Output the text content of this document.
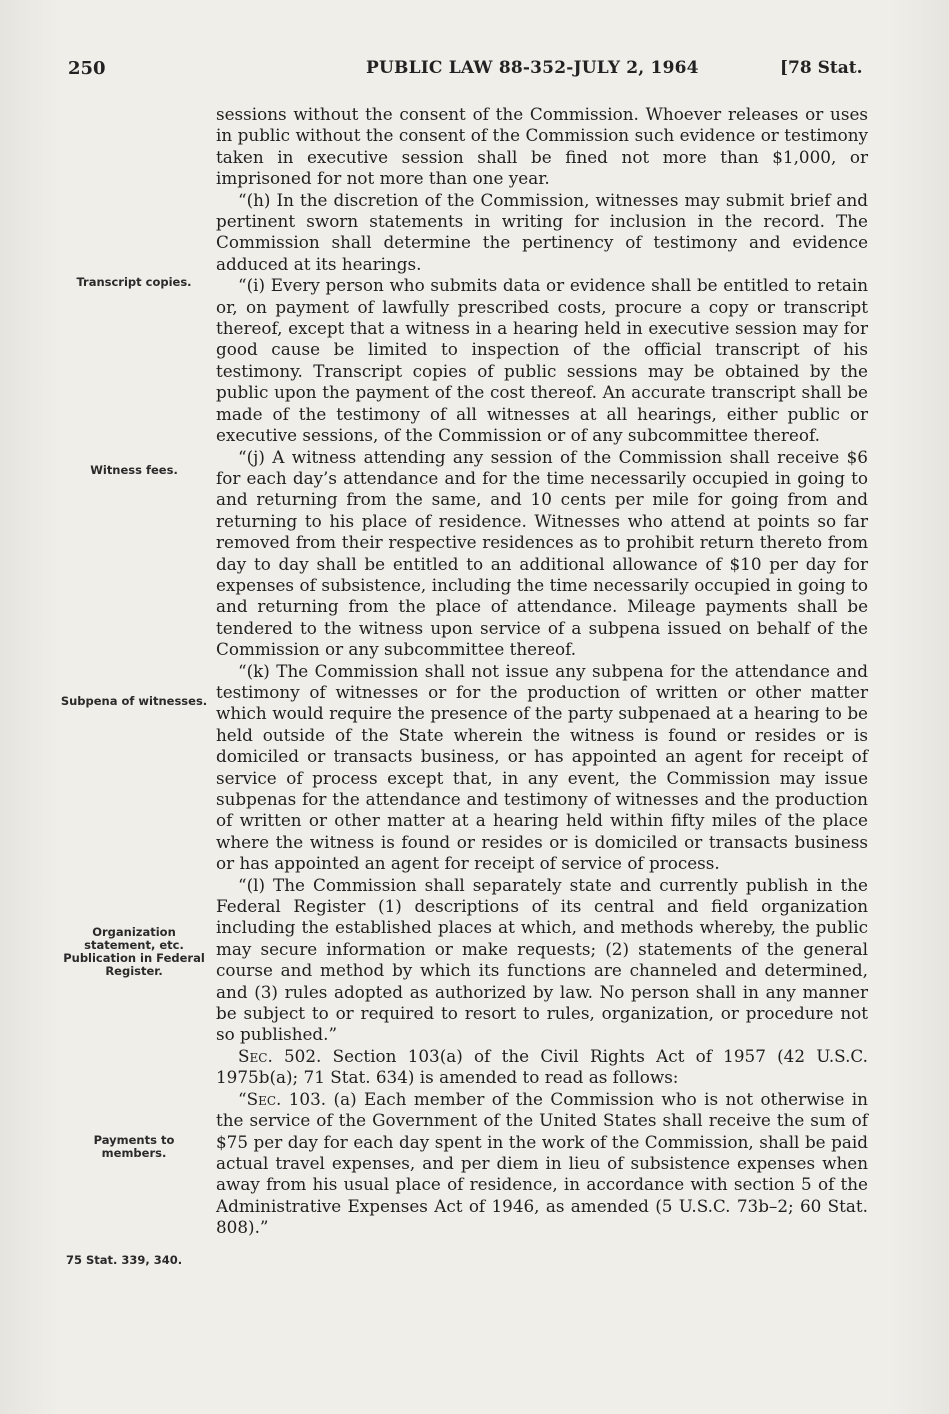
250	PUBLIC LAW 88-352-JULY 2, 1964	[78 Stat.
Transcript copies.
Witness fees.
Subpena of witnesses.
Organization statement, etc. Publication in Federal Register.
Payments to members.
75 Stat. 339, 340.

sessions without the consent of the Commission. Whoever releases or uses in public without the consent of the Commission such evidence or testimony taken in executive session shall be fined not more than $1,000, or imprisoned for not more than one year.

“(h) In the discretion of the Commission, witnesses may submit brief and pertinent sworn statements in writing for inclusion in the record. The Commission shall determine the pertinency of testimony and evidence adduced at its hearings.

“(i) Every person who submits data or evidence shall be entitled to retain or, on payment of lawfully prescribed costs, procure a copy or transcript thereof, except that a witness in a hearing held in executive session may for good cause be limited to inspection of the official transcript of his testimony. Transcript copies of public sessions may be obtained by the public upon the payment of the cost thereof. An accurate transcript shall be made of the testimony of all witnesses at all hearings, either public or executive sessions, of the Commission or of any subcommittee thereof.

“(j) A witness attending any session of the Commission shall receive $6 for each day’s attendance and for the time necessarily occupied in going to and returning from the same, and 10 cents per mile for going from and returning to his place of residence. Witnesses who attend at points so far removed from their respective residences as to prohibit return thereto from day to day shall be entitled to an additional allowance of $10 per day for expenses of subsistence, including the time necessarily occupied in going to and returning from the place of attendance. Mileage payments shall be tendered to the witness upon service of a subpena issued on behalf of the Commission or any subcommittee thereof.

“(k) The Commission shall not issue any subpena for the attendance and testimony of witnesses or for the production of written or other matter which would require the presence of the party subpenaed at a hearing to be held outside of the State wherein the witness is found or resides or is domiciled or transacts business, or has appointed an agent for receipt of service of process except that, in any event, the Commission may issue subpenas for the attendance and testimony of witnesses and the production of written or other matter at a hearing held within fifty miles of the place where the witness is found or resides or is domiciled or transacts business or has appointed an agent for receipt of service of process.

“(l) The Commission shall separately state and currently publish in the Federal Register (1) descriptions of its central and field organization including the established places at which, and methods whereby, the public may secure information or make requests; (2) statements of the general course and method by which its functions are channeled and determined, and (3) rules adopted as authorized by law. No person shall in any manner be subject to or required to resort to rules, organization, or procedure not so published.”

Sec. 502. Section 103(a) of the Civil Rights Act of 1957 (42 U.S.C. 1975b(a); 71 Stat. 634) is amended to read as follows:

“Sec. 103. (a) Each member of the Commission who is not otherwise in the service of the Government of the United States shall receive the sum of $75 per day for each day spent in the work of the Commission, shall be paid actual travel expenses, and per diem in lieu of subsistence expenses when away from his usual place of residence, in accordance with section 5 of the Administrative Expenses Act of 1946, as amended (5 U.S.C. 73b–2; 60 Stat. 808).”
